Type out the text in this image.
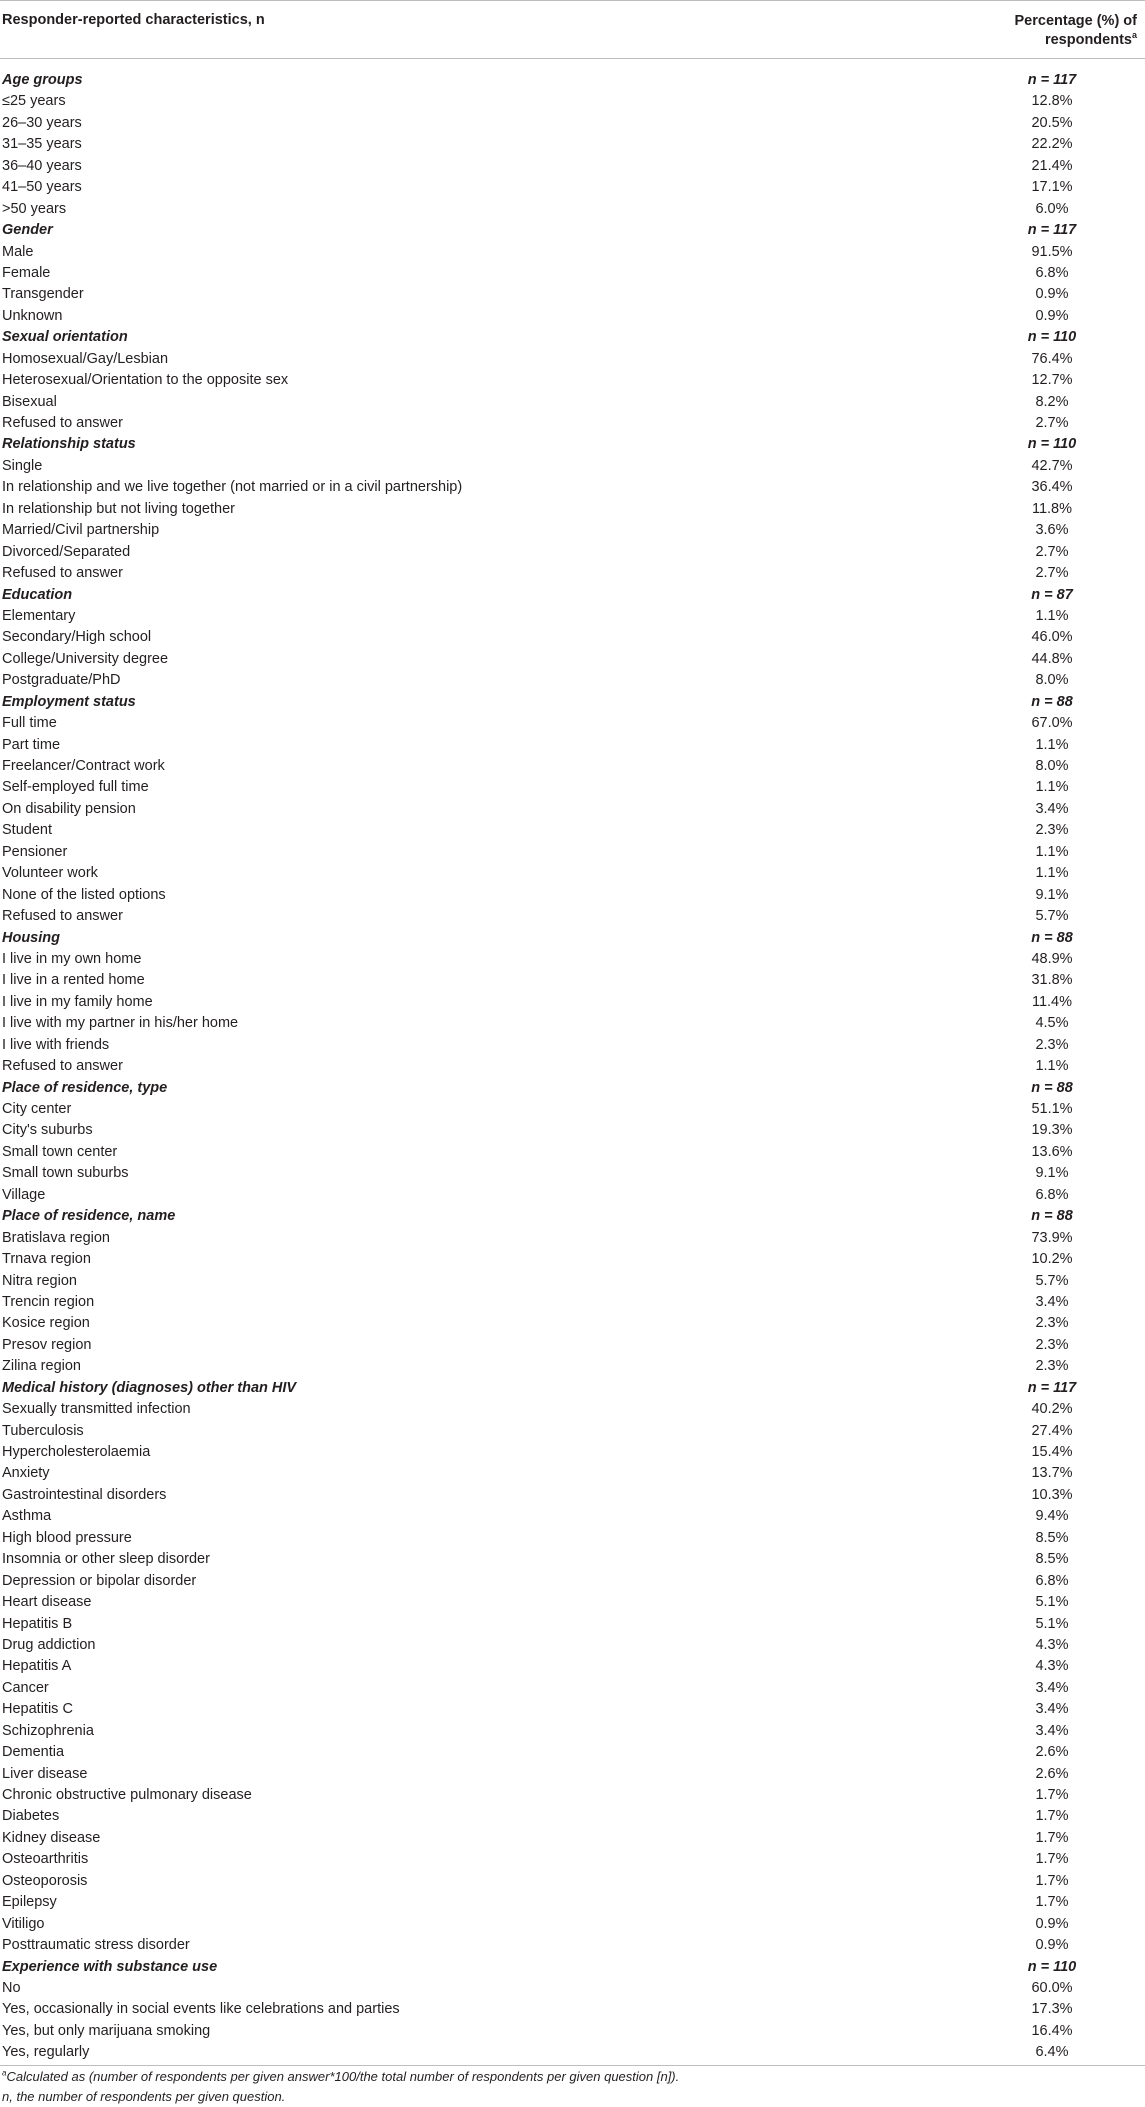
Responder-reported characteristics, n	Percentage (%) of
respondents$^a$
Age groups	n = 117
≤25 years	12.8%
26–30 years	20.5%
31–35 years	22.2%
36–40 years	21.4%
41–50 years	17.1%
>50 years	6.0%
Gender	n = 117
Male	91.5%
Female	6.8%
Transgender	0.9%
Unknown	0.9%
Sexual orientation	n = 110
Homosexual/Gay/Lesbian	76.4%
Heterosexual/Orientation to the opposite sex	12.7%
Bisexual	8.2%
Refused to answer	2.7%
Relationship status	n = 110
Single	42.7%
In relationship and we live together (not married or in a civil partnership)	36.4%
In relationship but not living together	11.8%
Married/Civil partnership	3.6%
Divorced/Separated	2.7%
Refused to answer	2.7%
Education	n = 87
Elementary	1.1%
Secondary/High school	46.0%
College/University degree	44.8%
Postgraduate/PhD	8.0%
Employment status	n = 88
Full time	67.0%
Part time	1.1%
Freelancer/Contract work	8.0%
Self-employed full time	1.1%
On disability pension	3.4%
Student	2.3%
Pensioner	1.1%
Volunteer work	1.1%
None of the listed options	9.1%
Refused to answer	5.7%
Housing	n = 88
I live in my own home	48.9%
I live in a rented home	31.8%
I live in my family home	11.4%
I live with my partner in his/her home	4.5%
I live with friends	2.3%
Refused to answer	1.1%
Place of residence, type	n = 88
City center	51.1%
City's suburbs	19.3%
Small town center	13.6%
Small town suburbs	9.1%
Village	6.8%
Place of residence, name	n = 88
Bratislava region	73.9%
Trnava region	10.2%
Nitra region	5.7%
Trencin region	3.4%
Kosice region	2.3%
Presov region	2.3%
Zilina region	2.3%
Medical history (diagnoses) other than HIV	n = 117
Sexually transmitted infection	40.2%
Tuberculosis	27.4%
Hypercholesterolaemia	15.4%
Anxiety	13.7%
Gastrointestinal disorders	10.3%
Asthma	9.4%
High blood pressure	8.5%
Insomnia or other sleep disorder	8.5%
Depression or bipolar disorder	6.8%
Heart disease	5.1%
Hepatitis B	5.1%
Drug addiction	4.3%
Hepatitis A	4.3%
Cancer	3.4%
Hepatitis C	3.4%
Schizophrenia	3.4%
Dementia	2.6%
Liver disease	2.6%
Chronic obstructive pulmonary disease	1.7%
Diabetes	1.7%
Kidney disease	1.7%
Osteoarthritis	1.7%
Osteoporosis	1.7%
Epilepsy	1.7%
Vitiligo	0.9%
Posttraumatic stress disorder	0.9%
Experience with substance use	n = 110
No	60.0%
Yes, occasionally in social events like celebrations and parties	17.3%
Yes, but only marijuana smoking	16.4%
Yes, regularly	6.4%
$^a$Calculated as (number of respondents per given answer*100/the total number of respondents per given question [n]).
n, the number of respondents per given question.
